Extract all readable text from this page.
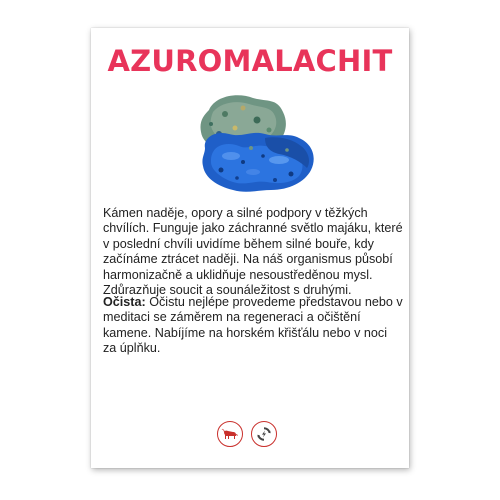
AZUROMALACHIT

Kámen naděje, opory a silné podpory v těžkých chvílích. Funguje jako záchranné světlo majáku, které v poslední chvíli uvidíme během silné bouře, kdy začínáme ztrácet naději. Na náš organismus působí harmonizačně a uklidňuje nesoustředěnou mysl. Zdůrazňuje soucit a sounáležitost s druhými.

Očista: Očistu nejlépe provedeme představou nebo v meditaci se záměrem na regeneraci a očištění kamene. Nabíjíme na horském křišťálu nebo v noci za úplňku.
